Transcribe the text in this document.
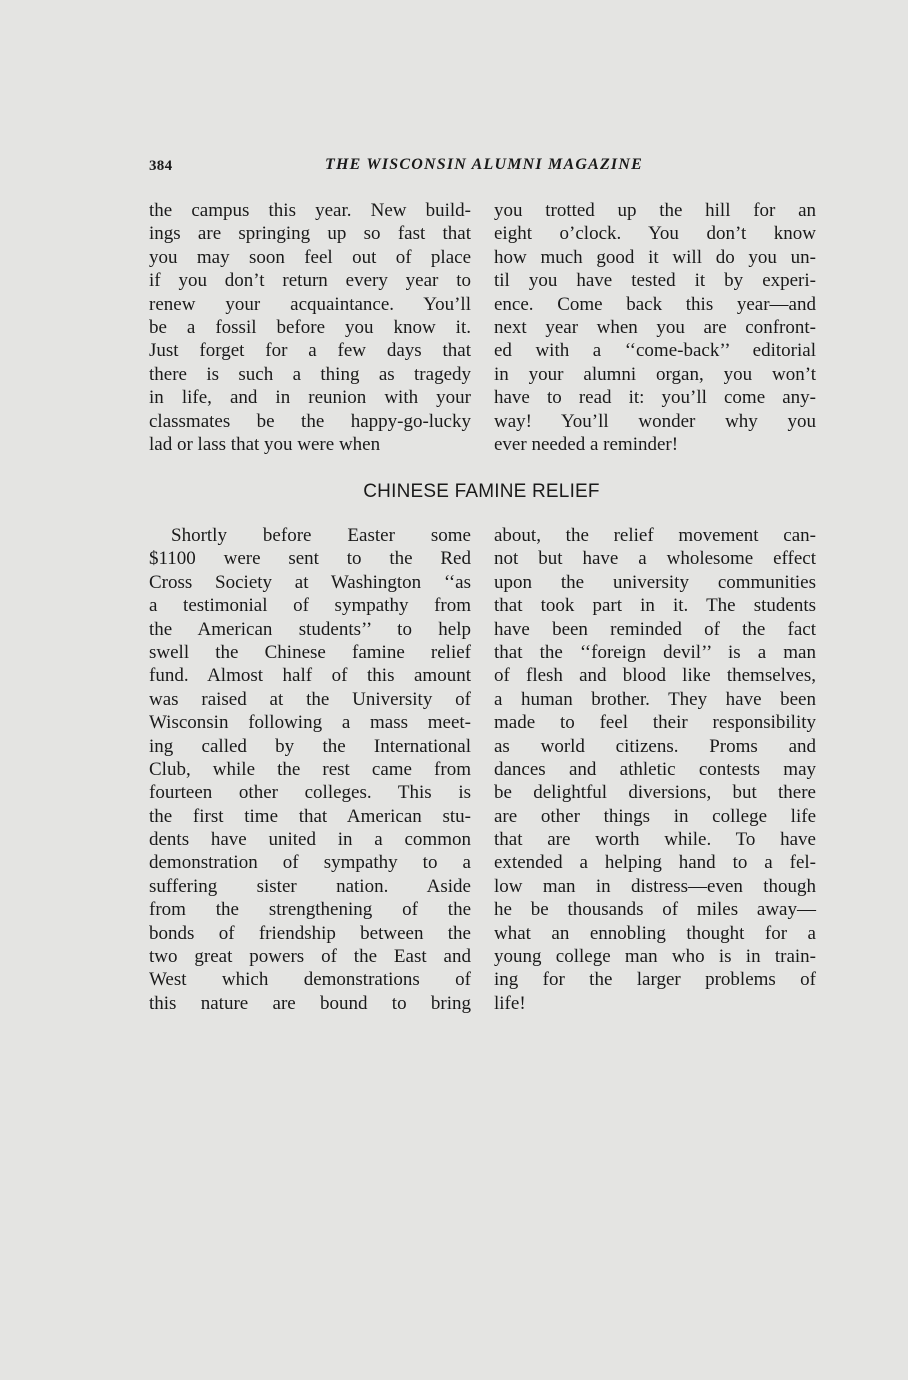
384	THE WISCONSIN ALUMNI MAGAZINE
the campus this year. New build-
ings are springing up so fast that
you may soon feel out of place
if you don’t return every year to
renew your acquaintance. You’ll
be a fossil before you know it.
Just forget for a few days that
there is such a thing as tragedy
in life, and in reunion with your
classmates be the happy-go-lucky
lad or lass that you were when
you trotted up the hill for an
eight o’clock. You don’t know
how much good it will do you un-
til you have tested it by experi-
ence. Come back this year—and
next year when you are confront-
ed with a ‘‘come-back’’ editorial
in your alumni organ, you won’t
have to read it: you’ll come any-
way! You’ll wonder why you
ever needed a reminder!
CHINESE FAMINE RELIEF
Shortly before Easter some
$1100 were sent to the Red
Cross Society at Washington ‘‘as
a testimonial of sympathy from
the American students’’ to help
swell the Chinese famine relief
fund. Almost half of this amount
was raised at the University of
Wisconsin following a mass meet-
ing called by the International
Club, while the rest came from
fourteen other colleges. This is
the first time that American stu-
dents have united in a common
demonstration of sympathy to a
suffering sister nation. Aside
from the strengthening of the
bonds of friendship between the
two great powers of the East and
West which demonstrations of
this nature are bound to bring
about, the relief movement can-
not but have a wholesome effect
upon the university communities
that took part in it. The students
have been reminded of the fact
that the ‘‘foreign devil’’ is a man
of flesh and blood like themselves,
a human brother. They have been
made to feel their responsibility
as world citizens. Proms and
dances and athletic contests may
be delightful diversions, but there
are other things in college life
that are worth while. To have
extended a helping hand to a fel-
low man in distress—even though
he be thousands of miles away—
what an ennobling thought for a
young college man who is in train-
ing for the larger problems of
life!
